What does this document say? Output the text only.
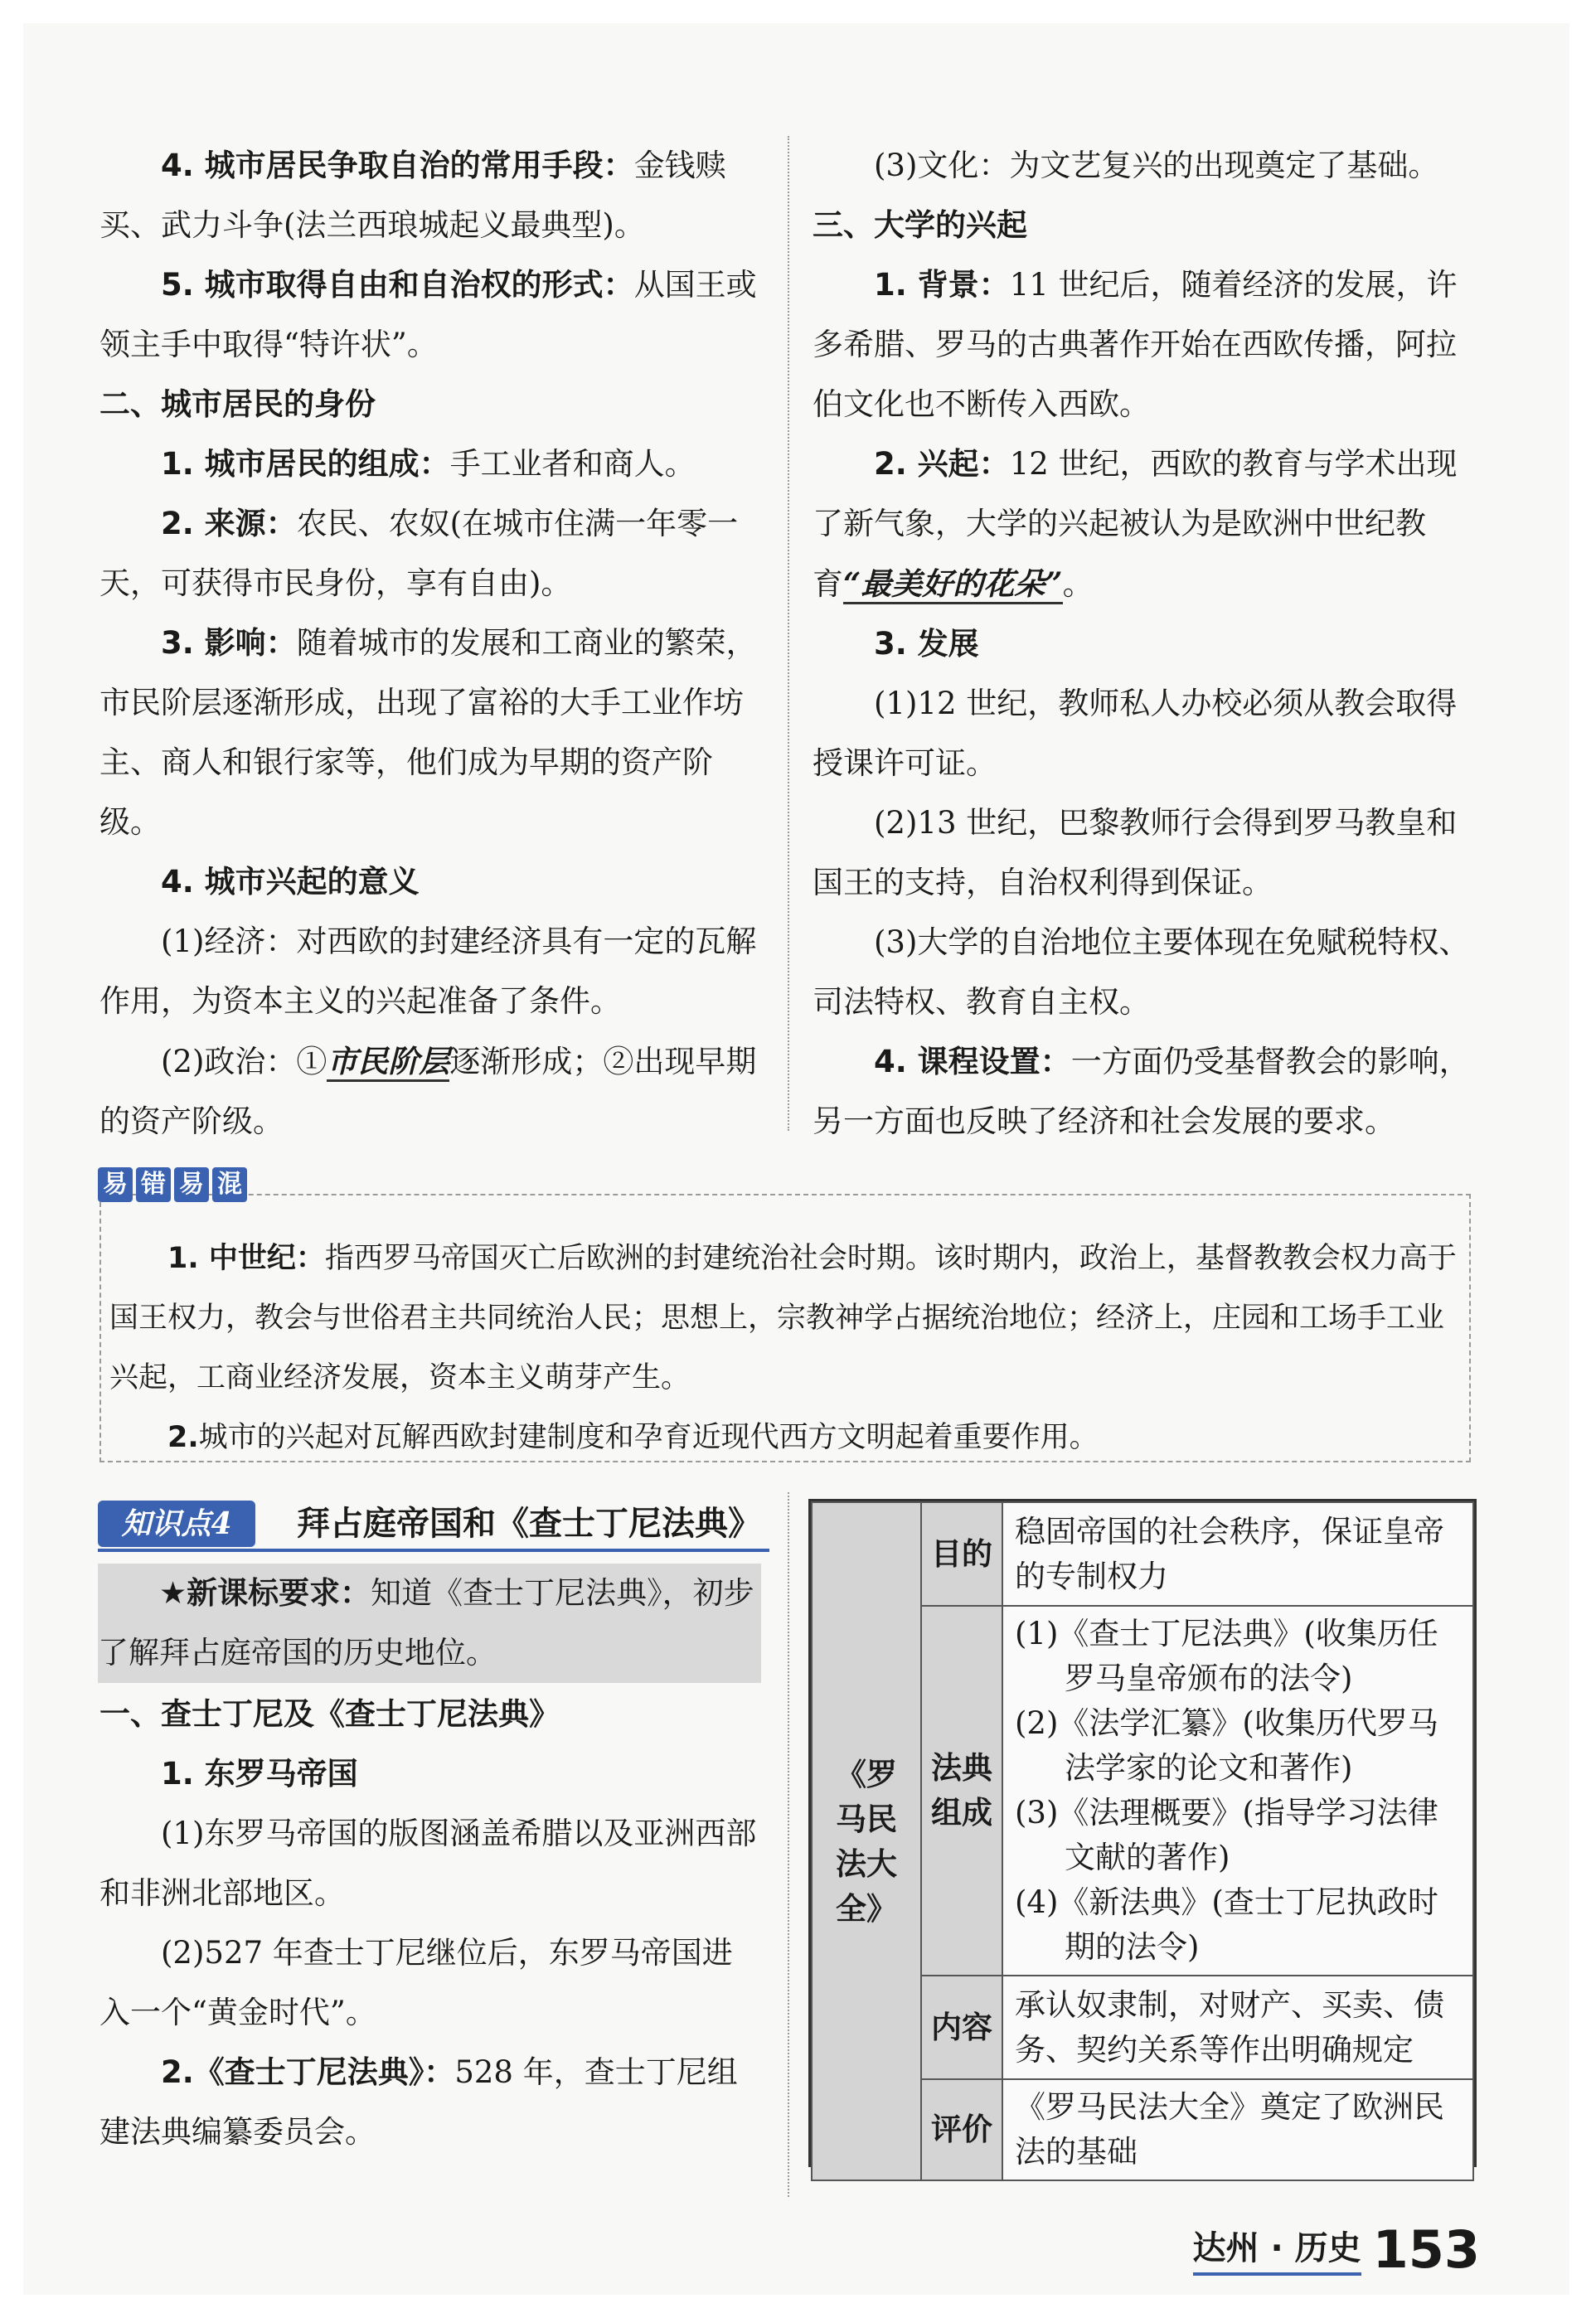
4. 城市居民争取自治的常用手段：金钱赎买、武力斗争(法兰西琅城起义最典型)。

5. 城市取得自由和自治权的形式：从国王或领主手中取得“特许状”。

二、城市居民的身份

1. 城市居民的组成：手工业者和商人。

2. 来源：农民、农奴(在城市住满一年零一天，可获得市民身份，享有自由)。

3. 影响：随着城市的发展和工商业的繁荣，市民阶层逐渐形成，出现了富裕的大手工业作坊主、商人和银行家等，他们成为早期的资产阶级。

4. 城市兴起的意义

(1)经济：对西欧的封建经济具有一定的瓦解作用，为资本主义的兴起准备了条件。

(2)政治：①市民阶层逐渐形成；②出现早期的资产阶级。

(3)文化：为文艺复兴的出现奠定了基础。

三、大学的兴起

1. 背景：11 世纪后，随着经济的发展，许多希腊、罗马的古典著作开始在西欧传播，阿拉伯文化也不断传入西欧。

2. 兴起：12 世纪，西欧的教育与学术出现了新气象，大学的兴起被认为是欧洲中世纪教育“最美好的花朵”。

3. 发展

(1)12 世纪，教师私人办校必须从教会取得授课许可证。

(2)13 世纪，巴黎教师行会得到罗马教皇和国王的支持，自治权利得到保证。

(3)大学的自治地位主要体现在免赋税特权、司法特权、教育自主权。

4. 课程设置：一方面仍受基督教会的影响，另一方面也反映了经济和社会发展的要求。

1. 中世纪：指西罗马帝国灭亡后欧洲的封建统治社会时期。该时期内，政治上，基督教教会权力高于国王权力，教会与世俗君主共同统治人民；思想上，宗教神学占据统治地位；经济上，庄园和工场手工业兴起，工商业经济发展，资本主义萌芽产生。

2.城市的兴起对瓦解西欧封建制度和孕育近现代西方文明起着重要作用。

易 错 易 混
知识点4	拜占庭帝国和《查士丁尼法典》

★新课标要求：知道《查士丁尼法典》，初步了解拜占庭帝国的历史地位。

一、查士丁尼及《查士丁尼法典》

1. 东罗马帝国

(1)东罗马帝国的版图涵盖希腊以及亚洲西部和非洲北部地区。

(2)527 年查士丁尼继位后，东罗马帝国进入一个“黄金时代”。

2.《查士丁尼法典》：528 年，查士丁尼组建法典编纂委员会。

《罗马民法大全》	目的	稳固帝国的社会秩序，保证皇帝的专制权力

	法典组成	(1)《查士丁尼法典》(收集历任罗马皇帝颁布的法令)

(2)《法学汇纂》(收集历代罗马法学家的论文和著作)

(3)《法理概要》(指导学习法律文献的著作)

(4)《新法典》(查士丁尼执政时期的法令)

	内容	承认奴隶制，对财产、买卖、债务、契约关系等作出明确规定

	评价	《罗马民法大全》奠定了欧洲民法的基础

达州 · 历史 153
